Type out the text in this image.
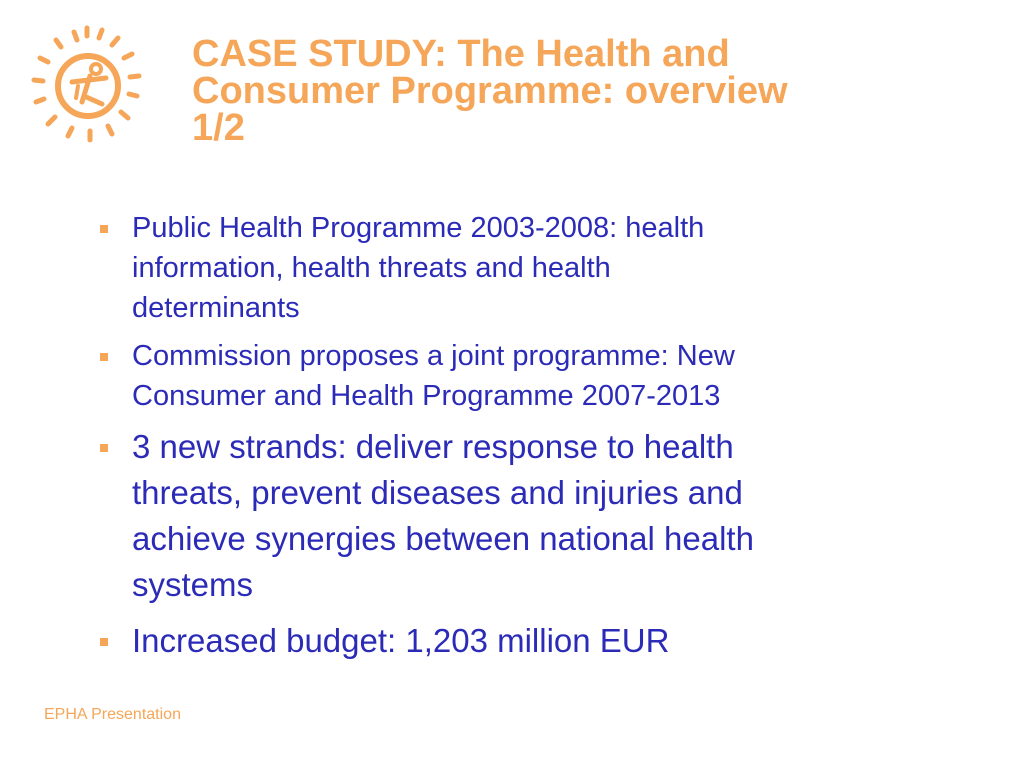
CASE STUDY: The Health and
Consumer Programme: overview
1/2
Public Health Programme 2003-2008: health
information, health threats and health
determinants
Commission proposes a joint programme: New
Consumer and Health Programme 2007-2013
3 new strands: deliver response to health
threats, prevent diseases and injuries and
achieve synergies between national health
systems
Increased budget: 1,203 million EUR
EPHA Presentation
